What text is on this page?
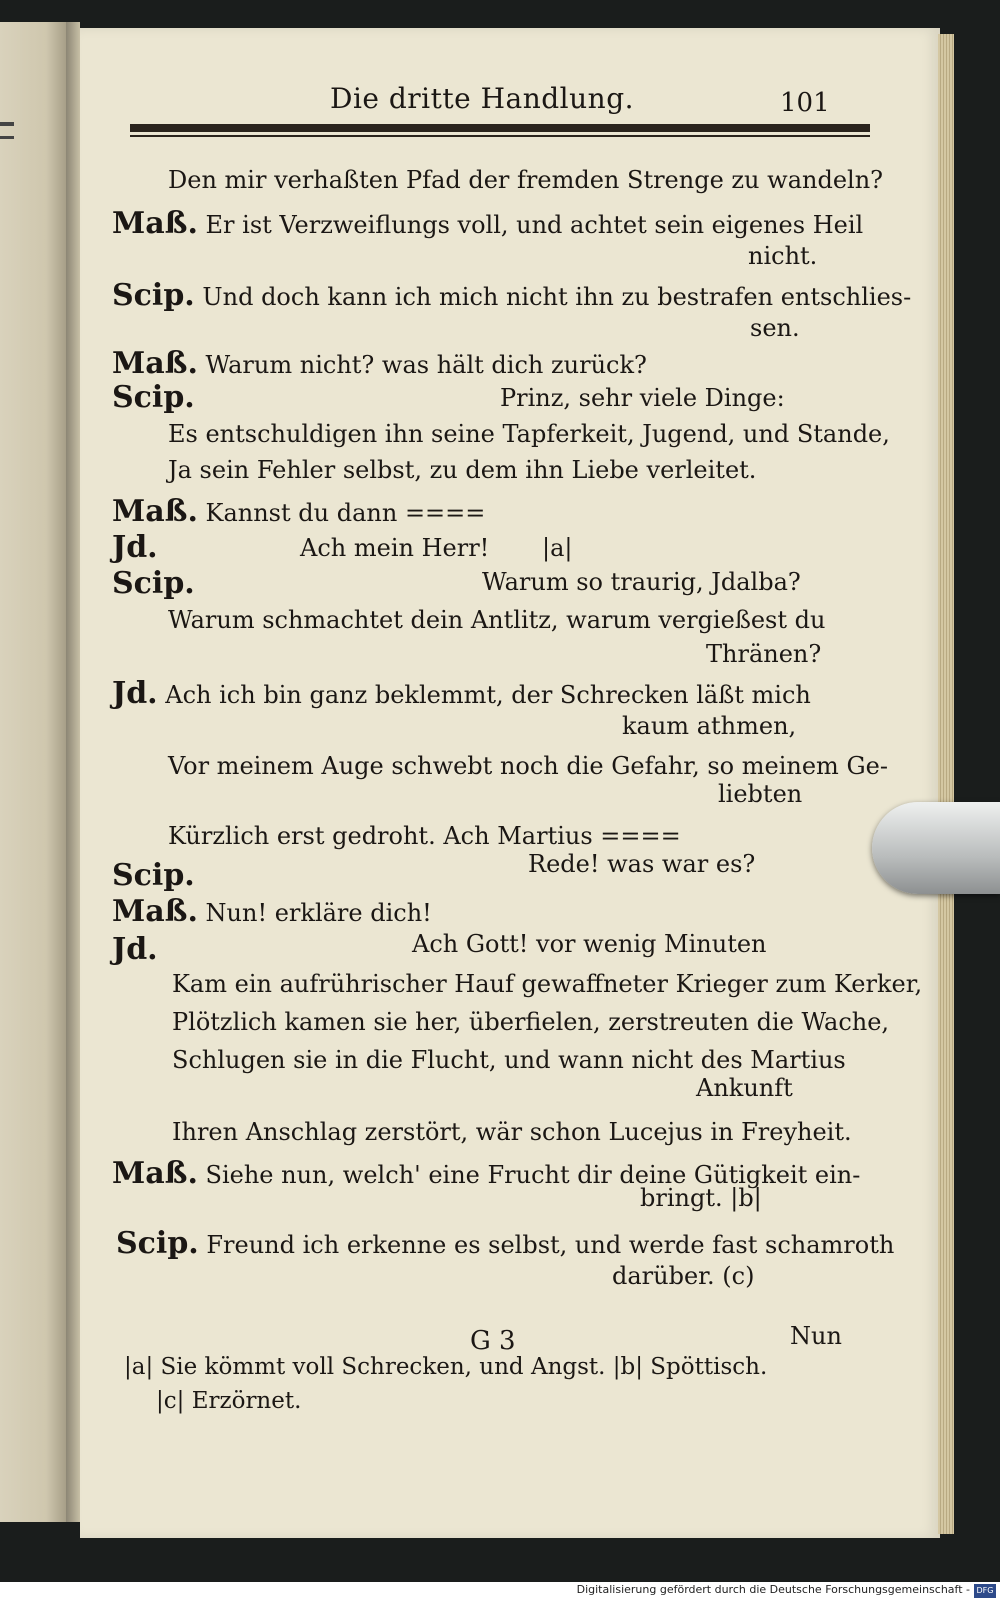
Die dritte Handlung.	101
Den mir verhaßten Pfad der fremden Strenge zu wandeln?
Maß. Er ist Verzweiflungs voll, und achtet sein eigenes Heil
nicht.
Scip. Und doch kann ich mich nicht ihn zu bestrafen entschlies-
sen.
Maß. Warum nicht? was hält dich zurück?
Scip.	Prinz, sehr viele Dinge:
Es entschuldigen ihn seine Tapferkeit, Jugend, und Stande,
Ja sein Fehler selbst, zu dem ihn Liebe verleitet.
Maß. Kannst du dann ====
Jd.	Ach mein Herr! |a|
Scip.	Warum so traurig, Jdalba?
Warum schmachtet dein Antlitz, warum vergießest du
Thränen?
Jd. Ach ich bin ganz beklemmt, der Schrecken läßt mich
kaum athmen,
Vor meinem Auge schwebt noch die Gefahr, so meinem Ge-
liebten
Kürzlich erst gedroht. Ach Martius ====
Rede! was war es?
Scip.
Maß. Nun! erkläre dich!
Jd.	Ach Gott! vor wenig Minuten
Kam ein aufrührischer Hauf gewaffneter Krieger zum Kerker,
Plötzlich kamen sie her, überfielen, zerstreuten die Wache,
Schlugen sie in die Flucht, und wann nicht des Martius
Ankunft
Ihren Anschlag zerstört, wär schon Lucejus in Freyheit.
Maß. Siehe nun, welch' eine Frucht dir deine Gütigkeit ein-
bringt. |b|
Scip. Freund ich erkenne es selbst, und werde fast schamroth
darüber. (c)
G 3	Nun
|a| Sie kömmt voll Schrecken, und Angst. |b| Spöttisch.
|c| Erzörnet.
Digitalisierung gefördert durch die Deutsche Forschungsgemeinschaft - DFG
